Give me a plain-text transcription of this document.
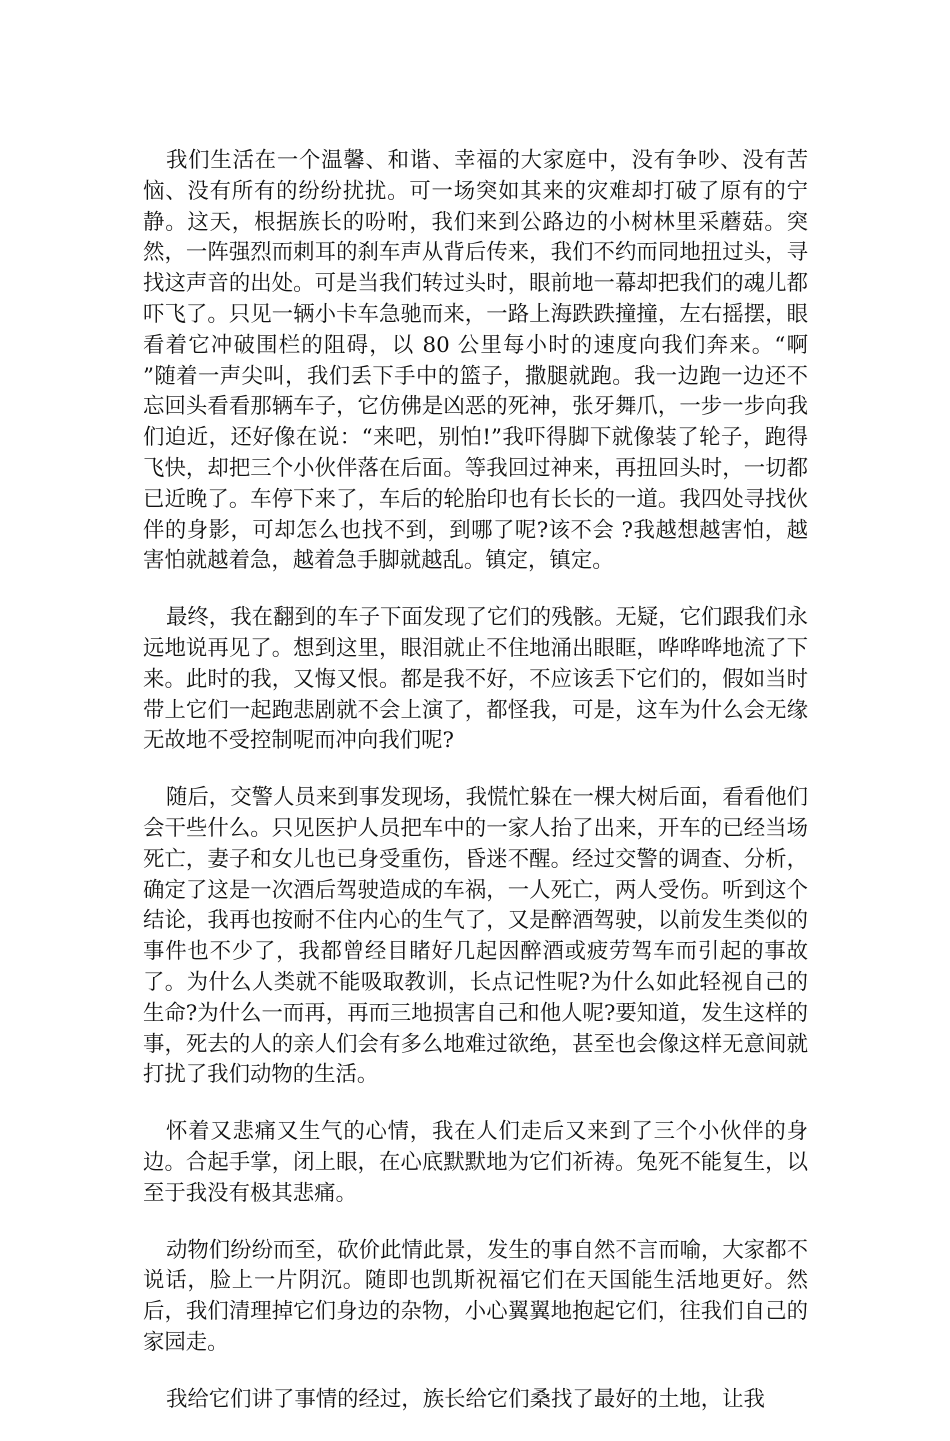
我们生活在一个温馨、和谐、幸福的大家庭中，没有争吵、没有苦恼、没有所有的纷纷扰扰。可一场突如其来的灾难却打破了原有的宁静。这天，根据族长的吩咐，我们来到公路边的小树林里采蘑菇。突然，一阵强烈而刺耳的刹车声从背后传来，我们不约而同地扭过头，寻找这声音的出处。可是当我们转过头时，眼前地一幕却把我们的魂儿都吓飞了。只见一辆小卡车急驰而来，一路上海跌跌撞撞，左右摇摆，眼看着它冲破围栏的阻碍，以 80 公里每小时的速度向我们奔来。“啊 ”随着一声尖叫，我们丢下手中的篮子，撒腿就跑。我一边跑一边还不忘回头看看那辆车子，它仿佛是凶恶的死神，张牙舞爪，一步一步向我们迫近，还好像在说：“来吧，别怕!”我吓得脚下就像装了轮子，跑得飞快，却把三个小伙伴落在后面。等我回过神来，再扭回头时，一切都已近晚了。车停下来了，车后的轮胎印也有长长的一道。我四处寻找伙伴的身影，可却怎么也找不到，到哪了呢?该不会 ?我越想越害怕，越害怕就越着急，越着急手脚就越乱。镇定，镇定。

最终，我在翻到的车子下面发现了它们的残骸。无疑，它们跟我们永远地说再见了。想到这里，眼泪就止不住地涌出眼眶，哗哗哗地流了下来。此时的我，又悔又恨。都是我不好，不应该丢下它们的，假如当时带上它们一起跑悲剧就不会上演了，都怪我，可是，这车为什么会无缘无故地不受控制呢而冲向我们呢?

随后，交警人员来到事发现场，我慌忙躲在一棵大树后面，看看他们会干些什么。只见医护人员把车中的一家人抬了出来，开车的已经当场死亡，妻子和女儿也已身受重伤，昏迷不醒。经过交警的调查、分析，确定了这是一次酒后驾驶造成的车祸，一人死亡，两人受伤。听到这个结论，我再也按耐不住内心的生气了，又是醉酒驾驶，以前发生类似的事件也不少了，我都曾经目睹好几起因醉酒或疲劳驾车而引起的事故了。为什么人类就不能吸取教训，长点记性呢?为什么如此轻视自己的生命?为什么一而再，再而三地损害自己和他人呢?要知道，发生这样的事，死去的人的亲人们会有多么地难过欲绝，甚至也会像这样无意间就打扰了我们动物的生活。

怀着又悲痛又生气的心情，我在人们走后又来到了三个小伙伴的身边。合起手掌，闭上眼，在心底默默地为它们祈祷。兔死不能复生，以至于我没有极其悲痛。

动物们纷纷而至，砍价此情此景，发生的事自然不言而喻，大家都不说话，脸上一片阴沉。随即也凯斯祝福它们在天国能生活地更好。然后，我们清理掉它们身边的杂物，小心翼翼地抱起它们，往我们自己的家园走。

我给它们讲了事情的经过，族长给它们桑找了最好的土地，让我
